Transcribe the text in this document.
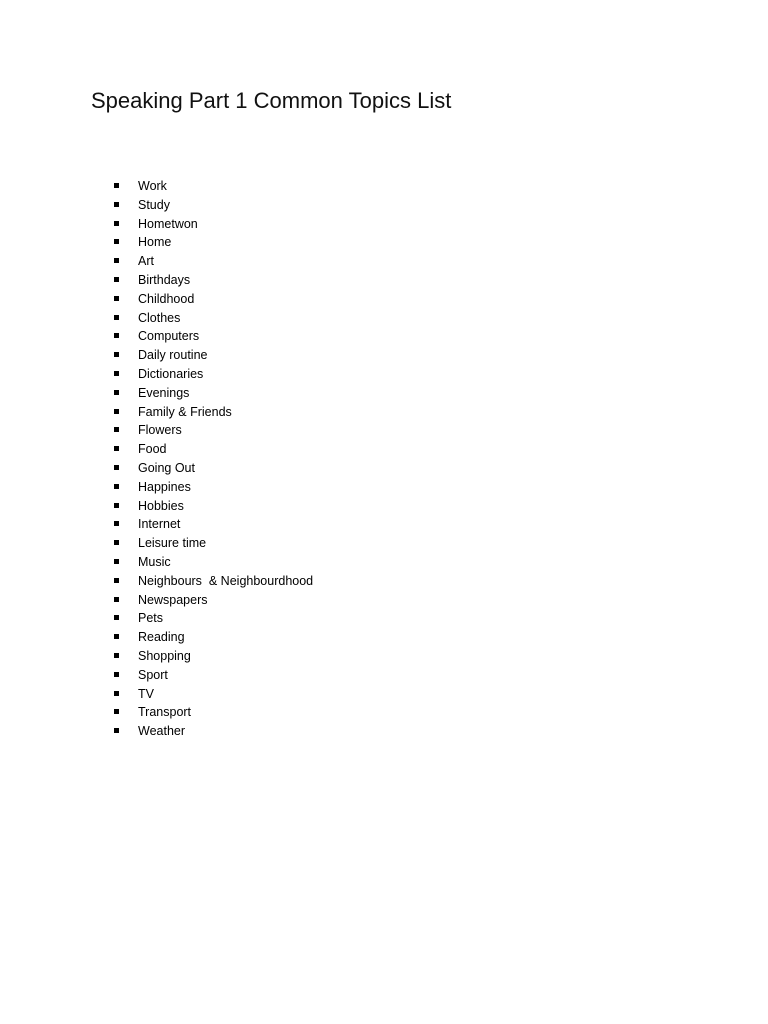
Speaking Part 1 Common Topics List
Work
Study
Hometwon
Home
Art
Birthdays
Childhood
Clothes
Computers
Daily routine
Dictionaries
Evenings
Family & Friends
Flowers
Food
Going Out
Happines
Hobbies
Internet
Leisure time
Music
Neighbours  & Neighbourdhood
Newspapers
Pets
Reading
Shopping
Sport
TV
Transport
Weather
